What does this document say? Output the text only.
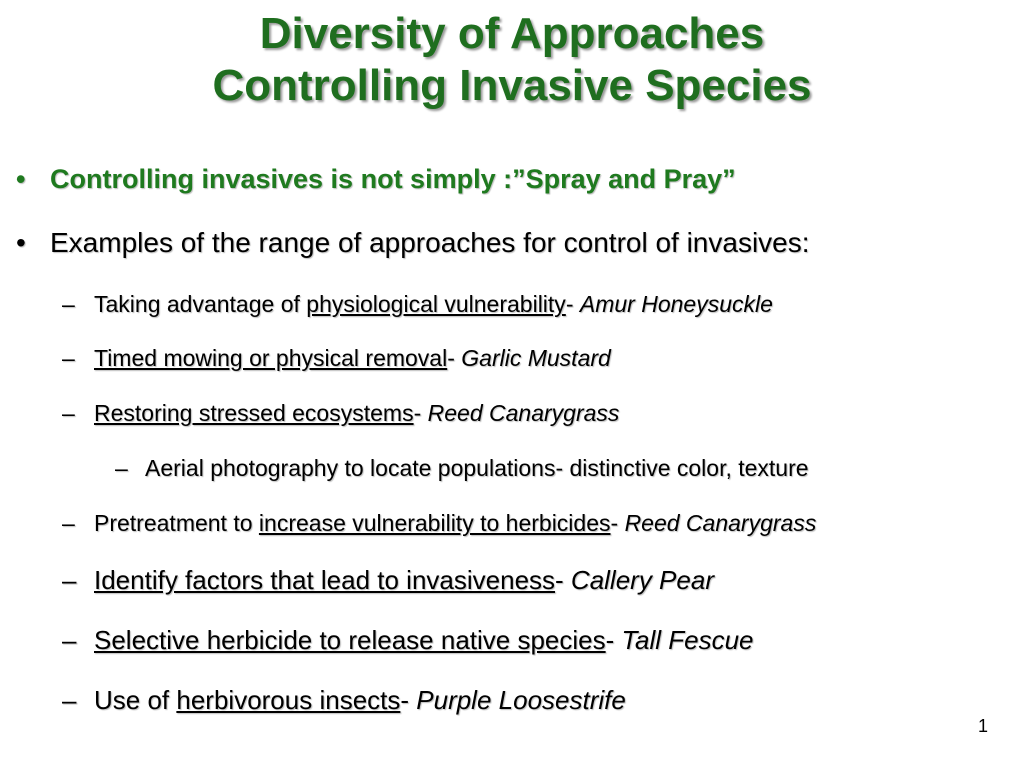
Diversity of Approaches
Controlling Invasive Species
• Controlling invasives is not simply :”Spray and Pray”
• Examples of the range of approaches for control of invasives:
– Taking advantage of physiological vulnerability- Amur Honeysuckle
– Timed mowing or physical removal- Garlic Mustard
– Restoring stressed ecosystems- Reed Canarygrass
– Aerial photography to locate populations- distinctive color, texture
– Pretreatment to increase vulnerability to herbicides- Reed Canarygrass
– Identify factors that lead to invasiveness- Callery Pear
– Selective herbicide to release native species- Tall Fescue
– Use of herbivorous insects- Purple Loosestrife
1
